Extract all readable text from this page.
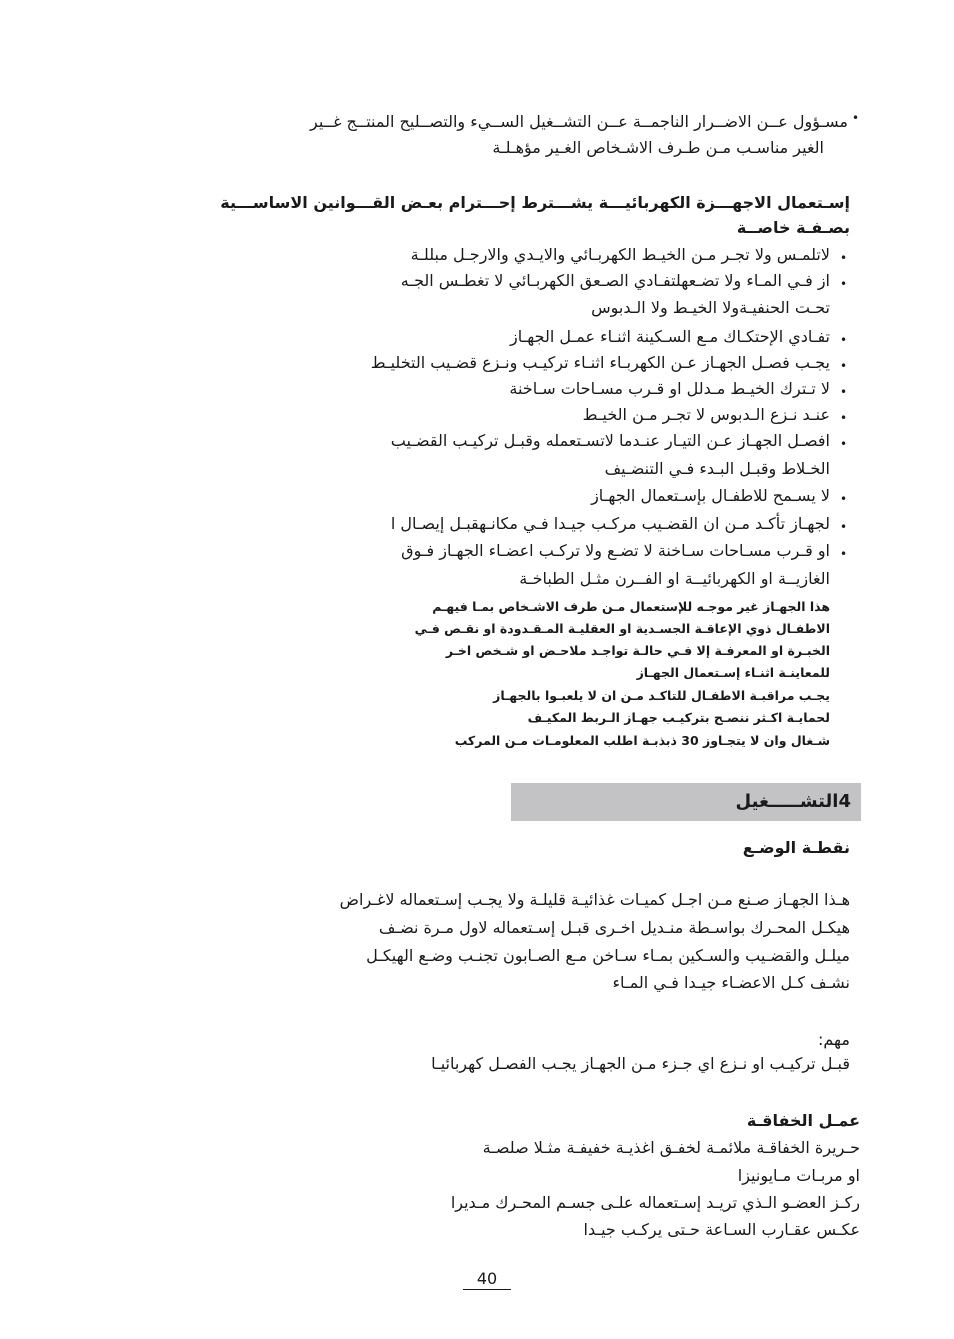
•
مسـؤول عــن الاضــرار الناجمــة عــن التشــغيل الســيء والتصــليح المنتــج غــير
الغير مناسـب مـن طـرف الاشـخاص الغـير مؤهـلـة
إسـتعمال الاجهـــزة الكهربائيـــة يشـــترط إحـــترام بعـض القـــوانين الاساســـية
بصـفـة خاصــة
•
لاتلمـس ولا تجـر مـن الخيـط الكهربـائي والايـدي والارجـل مبللـة
•
از فـي المـاء ولا تضـعهلتفـادي الصـعق الكهربـائي لا تغطـس الجـه
تحـت الحنفيـةولا الخيـط ولا الـدبوس
•
تفـادي الإحتكـاك مـع السـكينة اثنـاء عمـل الجهـاز
•
يجـب فصـل الجهـاز عـن الكهربـاء اثنـاء تركيـب ونـزع قضـيب التخليـط
•
لا تـترك الخيـط مـدلل او قـرب مسـاحات سـاخنة
•
عنـد نـزع الـدبوس لا تجـر مـن الخيـط
•
افصـل الجهـاز عـن التيـار عنـدما لاتسـتعمله وقبـل تركيـب القضـيب
الخـلاط وقبـل البـدء فـي التنضـيف
•
لا يسـمح للاطفـال بإسـتعمال الجهـاز
•
لجهـاز تأكـد مـن ان القضـيب مركـب جيـدا فـي مكانـهقبـل إيصـال ا
•
او قـرب مسـاحات سـاخنة لا تضـع ولا تركـب اعضـاء الجهـاز فـوق
الغازيــة او الكهربائيــة او الفــرن مثـل الطباخـة
هذا الجهـاز غير موجـه للإستعمال مـن طرف الاشـخاص بمـا فيهـم
الاطفـال ذوي الإعاقـة الجسـدية او العقليـة المـقـدودة او نقـص فـي
الخبـرة او المعرفـة إلا فـي حالـة تواجـد ملاحـض او شـخص اخـر
للمعاينـة اثنـاء إسـتعمال الجهـاز
يجـب مراقبـة الاطفـال للتاكـد مـن ان لا يلعبـوا بالجهـاز
لحمايـة اكـثر ننصـح بتركيـب جهـاز الـربط المكيـف
شـغال وان لا يتجـاوز 30 ذبذبـة اطلب المعلومـات مـن المركب
4التشـــــغيل
نقطـة الوضـع
هـذا الجهـاز صـنع مـن اجـل كميـات غذائيـة قليلـة ولا يجـب إسـتعماله لاغـراض
هيكـل المحـرك بواسـطة منـديل اخـرى قبـل إسـتعماله لاول مـرة نضـف
ميلـل والقضـيب والسـكين بمـاء سـاخن مـع الصـابون تجنـب وضـع الهيكـل
نشـف كـل الاعضـاء جيـدا فـي المـاء
مهم:
قبـل تركيـب او نـزع اي جـزء مـن الجهـاز يجـب الفصـل كهربائيـا
عمـل الخفاقـة
حـريرة الخفاقـة ملائمـة لخفـق اغذيـة خفيفـة مثـلا صلصـة
او مربـات مـايونيزا
ركـز العضـو الـذي تريـد إسـتعماله علـى جسـم المحـرك مـديرا
عكـس عقـارب السـاعة حـتى يركـب جيـدا
40
